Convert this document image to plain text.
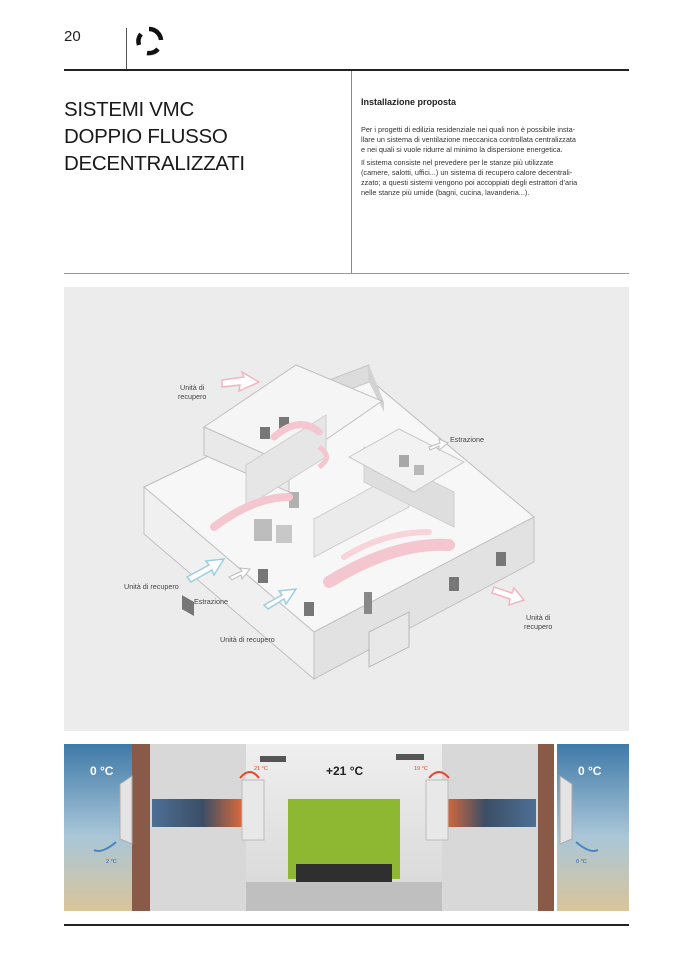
20
SISTEMI VMC
DOPPIO FLUSSO
DECENTRALIZZATI
Installazione proposta

Per i progetti di edilizia residenziale nei quali non è possibile insta-
llare un sistema di ventilazione meccanica controllata centralizzata
e nei quali si vuole ridurre al minimo la dispersione energetica.

Il sistema consiste nel prevedere per le stanze più utilizzate
(camere, salotti, uffici...) un sistema di recupero calore decentrali-
zzato; a questi sistemi vengono poi accoppiati degli estrattori d’aria
nelle stanze più umide (bagni, cucina, lavanderia...).

Unità di
recupero
Estrazione
Unità di recupero
Estrazione
Unità di recupero
Unità di
recupero
0 °C	+21 °C	0 °C
21 °C	19 °C
2 °C	0 °C
